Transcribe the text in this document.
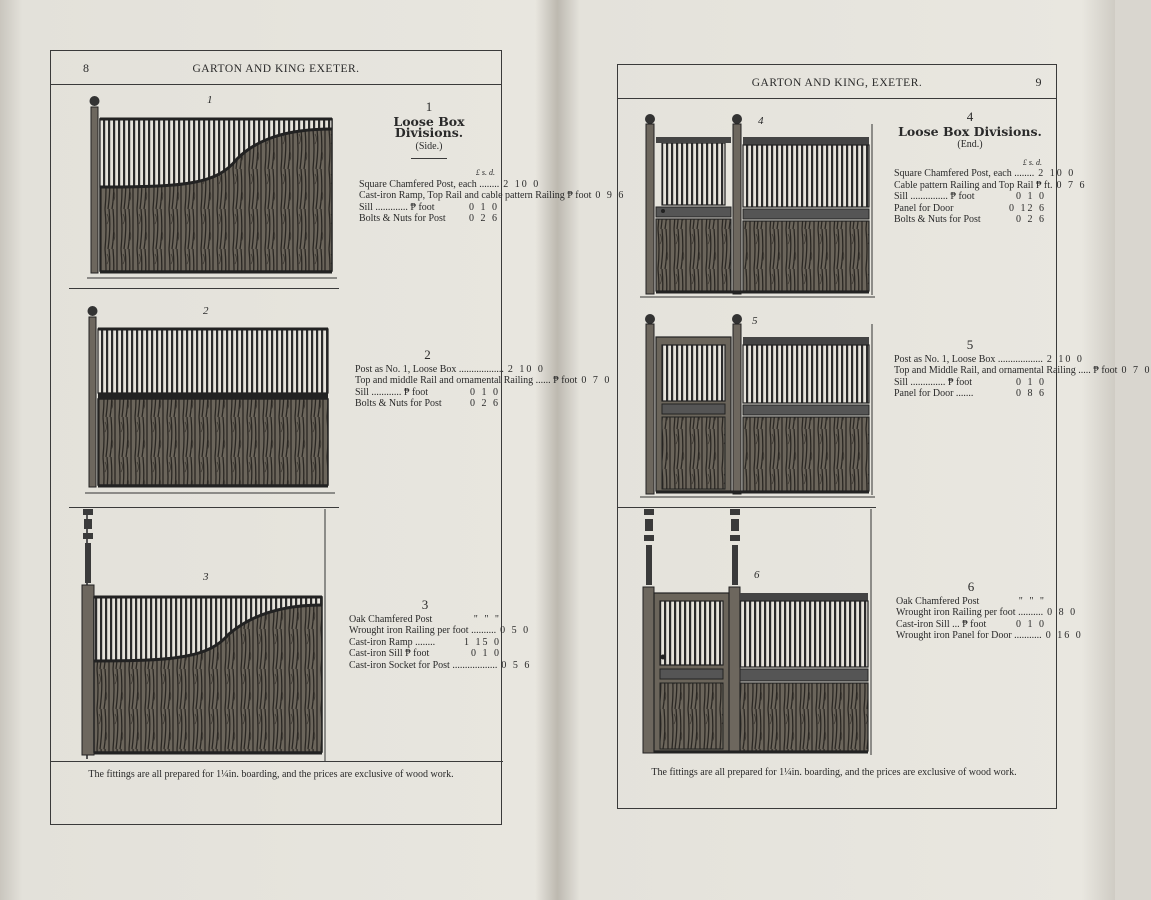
8	GARTON AND KING EXETER.
1	1
Loose Box Divisions.
(Side.)
£ s. d.
Square Chamfered Post, each ........ 2 10 0
Cast-iron Ramp, Top Rail and cable pattern Railing ₱ foot 0 9 6
Sill ............. ₱ foot	0 1 0
Bolts & Nuts for Post	0 2 6
2
2
Post as No. 1, Loose Box .................. 2 10 0
Top and middle Rail and ornamental Railing ...... ₱ foot 0 7 0
Sill ............ ₱ foot	0 1 0
Bolts & Nuts for Post	0 2 6
3
3
Oak Chamfered Post	" " "
Wrought iron Railing per foot .......... 0 5 0
Cast-iron Ramp ........	1 15 0
Cast-iron Sill ₱ foot	0 1 0
Cast-iron Socket for Post .................. 0 5 6
The fittings are all prepared for 1¼in. boarding, and the prices are exclusive of wood work.
GARTON AND KING, EXETER.	9
4	4
Loose Box Divisions.
(End.)
£ s. d.
Square Chamfered Post, each ........ 2 10 0
Cable pattern Railing and Top Rail ₱ ft. 0 7 6
Sill ............... ₱ foot	0 1 0
Panel for Door	0 12 6
Bolts & Nuts for Post	0 2 6
5
5
Post as No. 1, Loose Box .................. 2 10 0
Top and Middle Rail, and ornamental Railing ..... ₱ foot 0 7 0
Sill .............. ₱ foot	0 1 0
Panel for Door .......	0 8 6
6
6
Oak Chamfered Post	" " "
Wrought iron Railing per foot .......... 0 8 0
Cast-iron Sill ... ₱ foot	0 1 0
Wrought iron Panel for Door ........... 0 16 0
The fittings are all prepared for 1¼in. boarding, and the prices are exclusive of wood work.
